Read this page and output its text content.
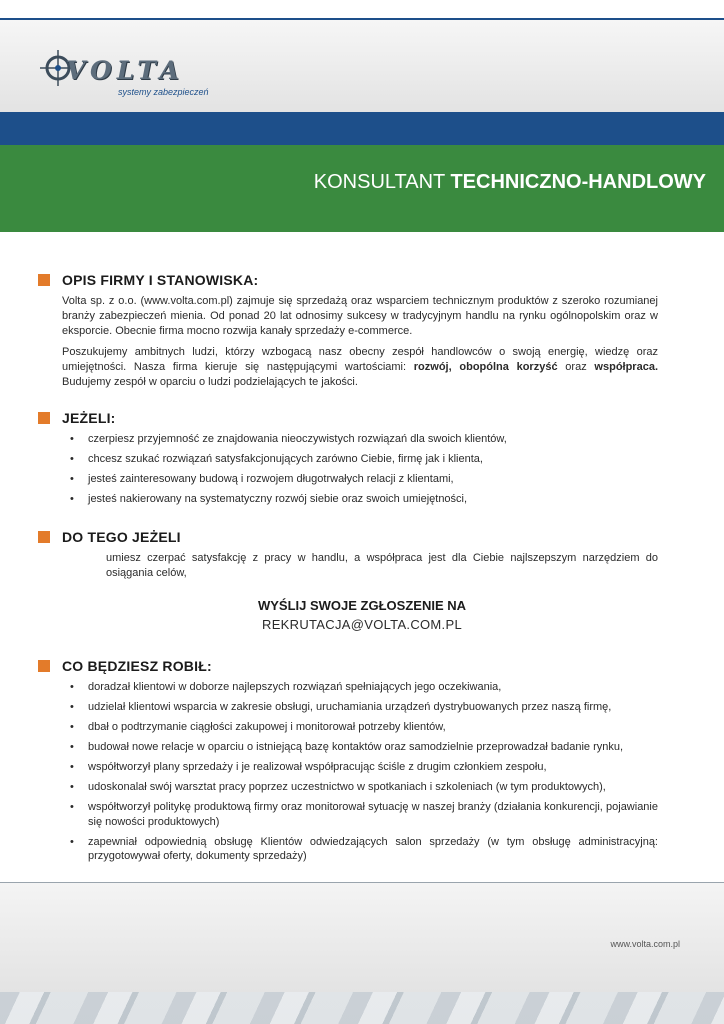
VOLTA
systemy zabezpieczeń
KONSULTANT TECHNICZNO-HANDLOWY
OPIS FIRMY I STANOWISKA:
Volta sp. z o.o. (www.volta.com.pl) zajmuje się sprzedażą oraz wsparciem technicznym produktów z szeroko rozumianej branży zabezpieczeń mienia. Od ponad 20 lat odnosimy sukcesy w tradycyjnym handlu na rynku ogólnopolskim oraz w eksporcie. Obecnie firma mocno rozwija kanały sprzedaży e-commerce.
Poszukujemy ambitnych ludzi, którzy wzbogacą nasz obecny zespół handlowców o swoją energię, wiedzę oraz umiejętności. Nasza firma kieruje się następującymi wartościami: rozwój, obopólna korzyść oraz współpraca. Budujemy zespół w oparciu o ludzi podzielających te jakości.
JEŻELI:
• czerpiesz przyjemność ze znajdowania nieoczywistych rozwiązań dla swoich klientów,
• chcesz szukać rozwiązań satysfakcjonujących zarówno Ciebie, firmę jak i klienta,
• jesteś zainteresowany budową i rozwojem długotrwałych relacji z klientami,
• jesteś nakierowany na systematyczny rozwój siebie oraz swoich umiejętności,
DO TEGO JEŻELI
umiesz czerpać satysfakcję z pracy w handlu, a współpraca jest dla Ciebie najlszepszym narzędziem do osiągania celów,
WYŚLIJ SWOJE ZGŁOSZENIE NA
REKRUTACJA@VOLTA.COM.PL
CO BĘDZIESZ ROBIŁ:
• doradzał klientowi w doborze najlepszych rozwiązań spełniających jego oczekiwania,
• udzielał klientowi wsparcia w zakresie obsługi, uruchamiania urządzeń dystrybuowanych przez naszą firmę,
• dbał o podtrzymanie ciągłości zakupowej i monitorował potrzeby klientów,
• budował nowe relacje w oparciu o istniejącą bazę kontaktów oraz samodzielnie przeprowadzał badanie rynku,
• współtworzył plany sprzedaży i je realizował współpracując ściśle z drugim członkiem zespołu,
• udoskonalał swój warsztat pracy poprzez uczestnictwo w spotkaniach i szkoleniach (w tym produktowych),
• współtworzył politykę produktową firmy oraz monitorował sytuację w naszej branży (działania konkurencji, pojawianie się nowości produktowych)
• zapewniał odpowiednią obsługę Klientów odwiedzających salon sprzedaży (w tym obsługę administracyjną: przygotowywał oferty, dokumenty sprzedaży)
www.volta.com.pl
